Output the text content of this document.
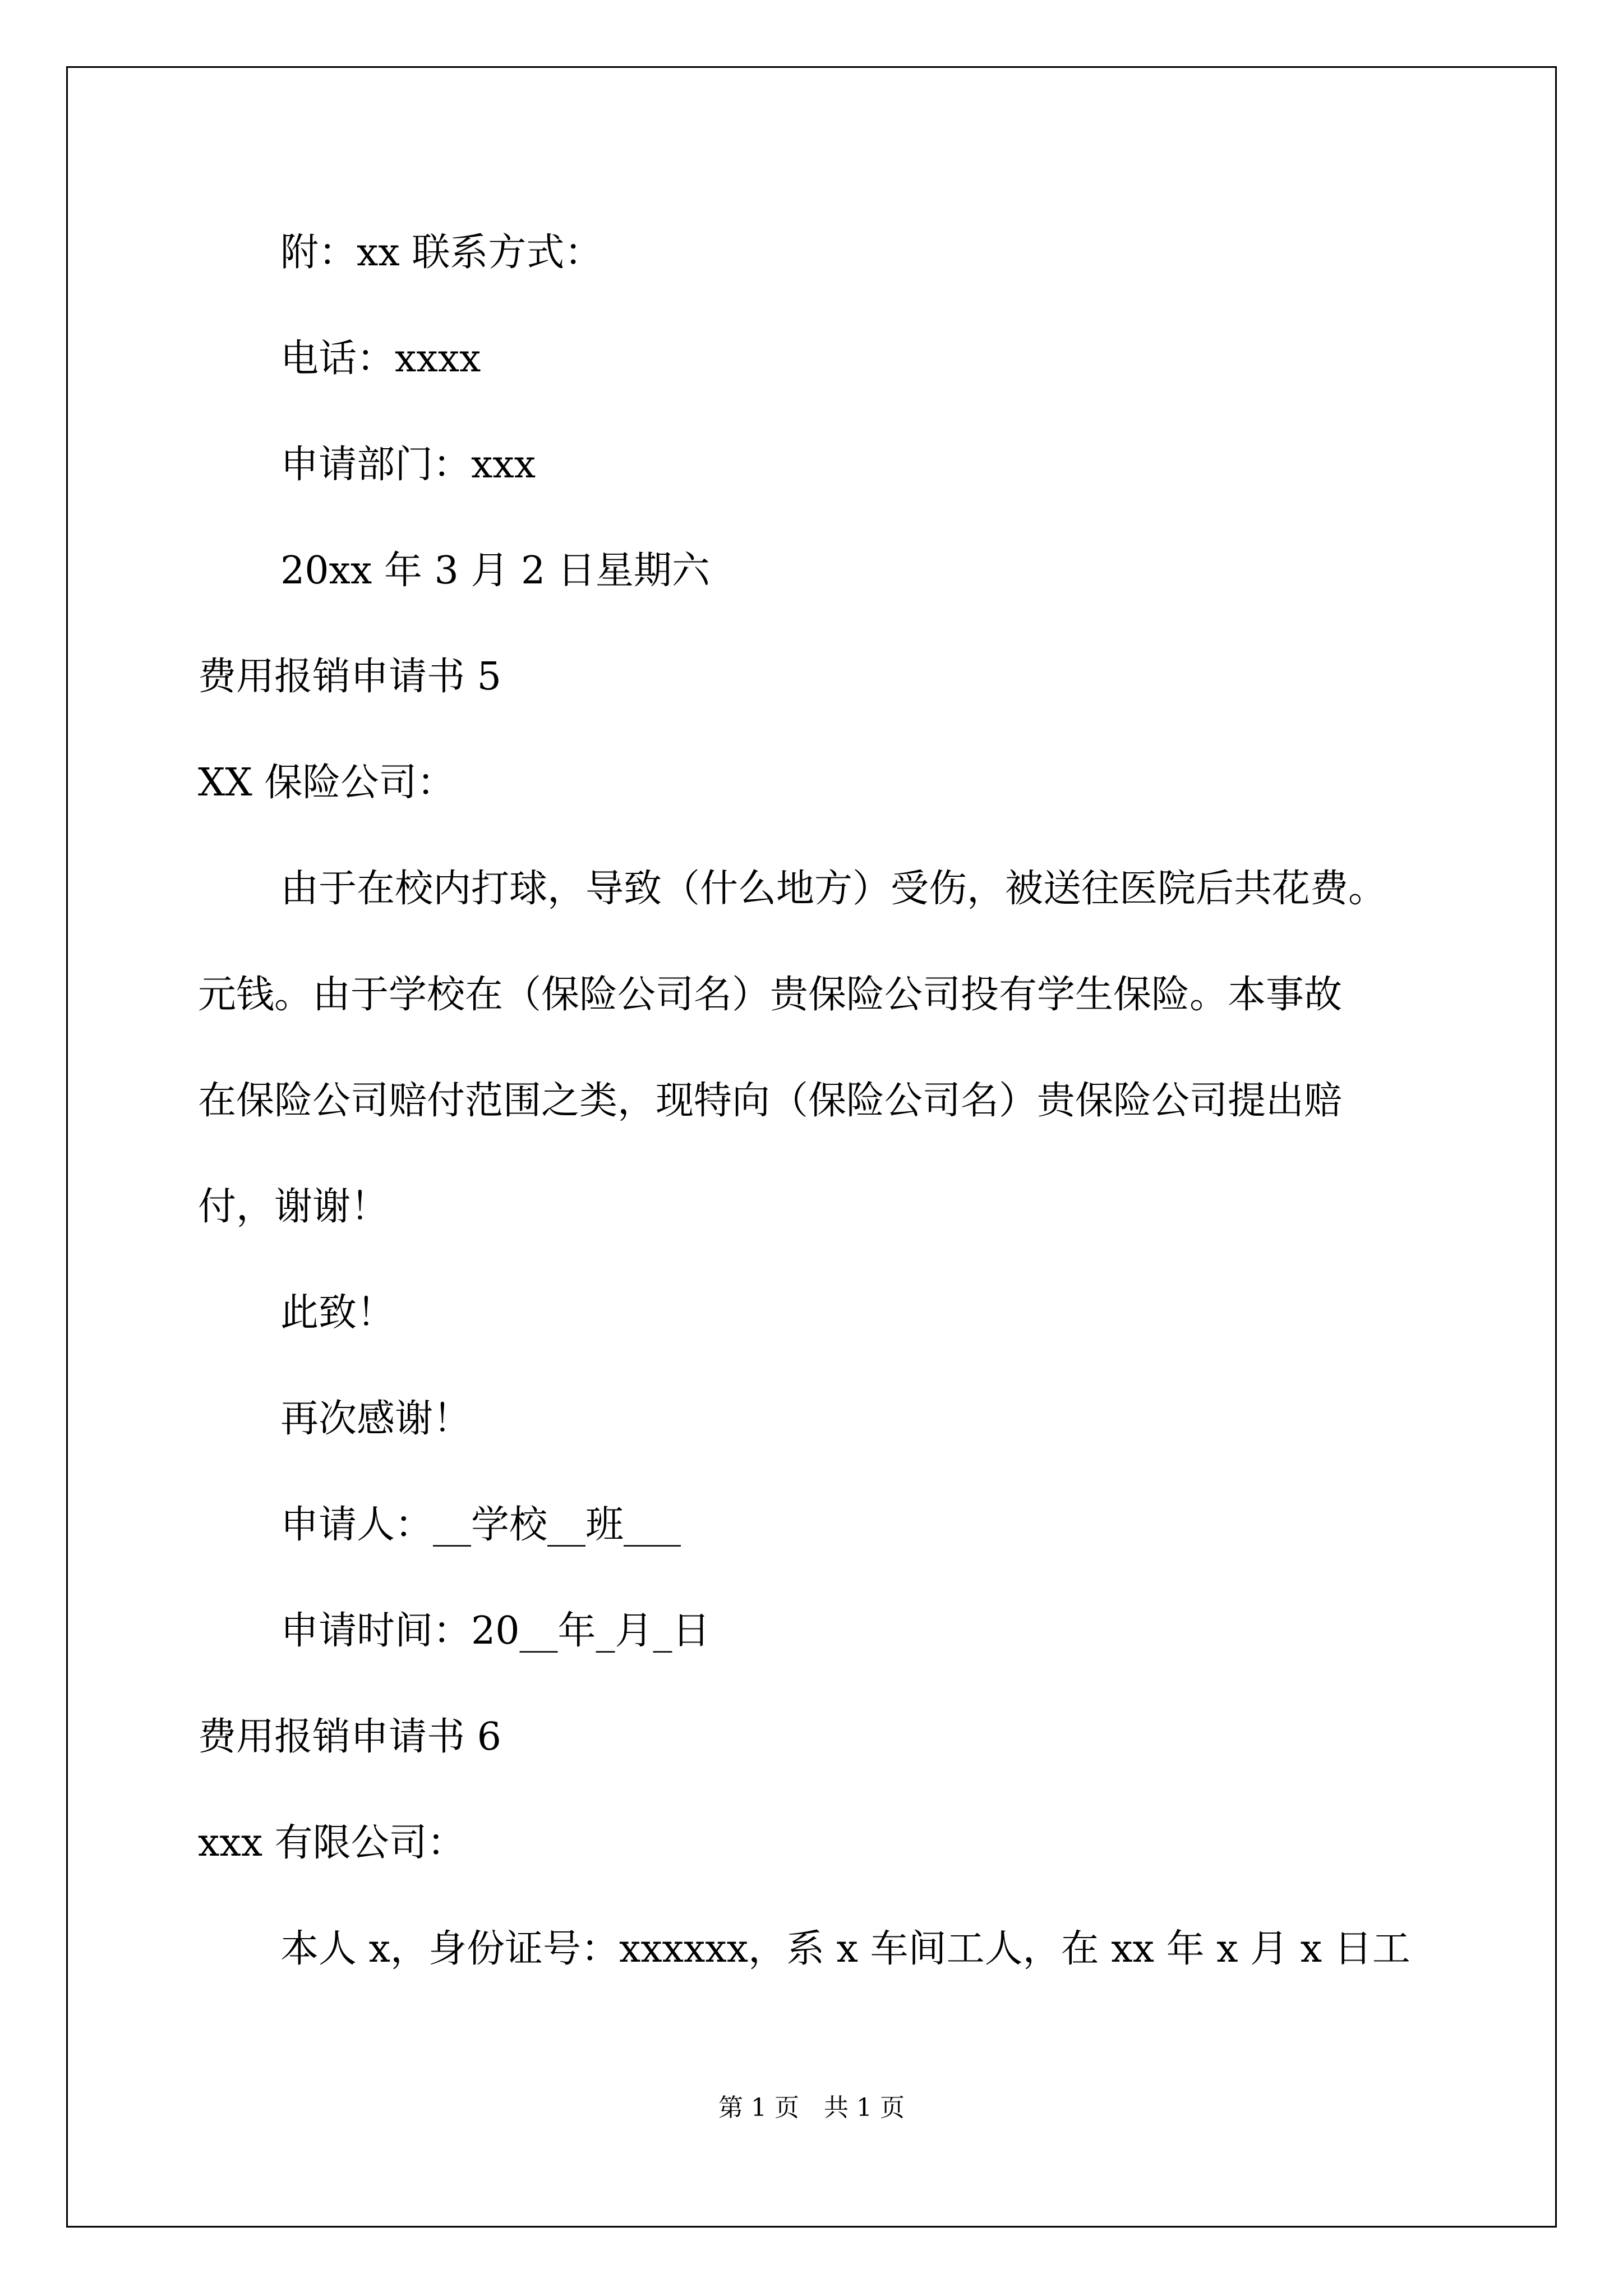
附：xx 联系方式：
电话：xxxx
申请部门：xxx
20xx 年 3 月 2 日星期六
费用报销申请书 5
XX 保险公司：
由于在校内打球，导致（什么地方）受伤，被送往医院后共花费。
元钱。由于学校在（保险公司名）贵保险公司投有学生保险。本事故
在保险公司赔付范围之类，现特向（保险公司名）贵保险公司提出赔
付，谢谢！
此致！
再次感谢！
申请人：__学校__班___
申请时间：20__年_月_日
费用报销申请书 6
xxx 有限公司：
本人 x，身份证号：xxxxxx，系 x 车间工人，在 xx 年 x 月 x 日工
第 1 页　共 1 页
